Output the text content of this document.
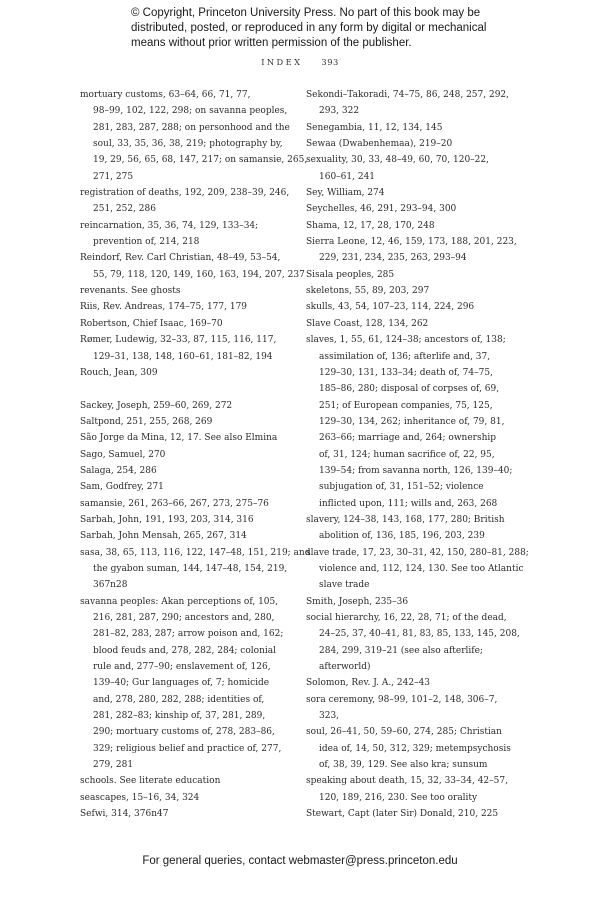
© Copyright, Princeton University Press. No part of this book may be
distributed, posted, or reproduced in any form by digital or mechanical
means without prior written permission of the publisher.
INDEX 393
mortuary customs, 63–64, 66, 71, 77,
98–99, 102, 122, 298; on savanna peoples,
281, 283, 287, 288; on personhood and the
soul, 33, 35, 36, 38, 219; photography by,
19, 29, 56, 65, 68, 147, 217; on samansie, 265,
271, 275
registration of deaths, 192, 209, 238–39, 246,
251, 252, 286
reincarnation, 35, 36, 74, 129, 133–34;
prevention of, 214, 218
Reindorf, Rev. Carl Christian, 48–49, 53–54,
55, 79, 118, 120, 149, 160, 163, 194, 207, 237
revenants. See ghosts
Riis, Rev. Andreas, 174–75, 177, 179
Robertson, Chief Isaac, 169–70
Rømer, Ludewig, 32–33, 87, 115, 116, 117,
129–31, 138, 148, 160–61, 181–82, 194
Rouch, Jean, 309
Sackey, Joseph, 259–60, 269, 272
Saltpond, 251, 255, 268, 269
São Jorge da Mina, 12, 17. See also Elmina
Sago, Samuel, 270
Salaga, 254, 286
Sam, Godfrey, 271
samansie, 261, 263–66, 267, 273, 275–76
Sarbah, John, 191, 193, 203, 314, 316
Sarbah, John Mensah, 265, 267, 314
sasa, 38, 65, 113, 116, 122, 147–48, 151, 219; and
the gyabon suman, 144, 147–48, 154, 219,
367n28
savanna peoples: Akan perceptions of, 105,
216, 281, 287, 290; ancestors and, 280,
281–82, 283, 287; arrow poison and, 162;
blood feuds and, 278, 282, 284; colonial
rule and, 277–90; enslavement of, 126,
139–40; Gur languages of, 7; homicide
and, 278, 280, 282, 288; identities of,
281, 282–83; kinship of, 37, 281, 289,
290; mortuary customs of, 278, 283–86,
329; religious belief and practice of, 277,
279, 281
schools. See literate education
seascapes, 15–16, 34, 324
Sefwi, 314, 376n47
Sekondi–Takoradi, 74–75, 86, 248, 257, 292,
293, 322
Senegambia, 11, 12, 134, 145
Sewaa (Dwabenhemaa), 219–20
sexuality, 30, 33, 48–49, 60, 70, 120–22,
160–61, 241
Sey, William, 274
Seychelles, 46, 291, 293–94, 300
Shama, 12, 17, 28, 170, 248
Sierra Leone, 12, 46, 159, 173, 188, 201, 223,
229, 231, 234, 235, 263, 293–94
Sisala peoples, 285
skeletons, 55, 89, 203, 297
skulls, 43, 54, 107–23, 114, 224, 296
Slave Coast, 128, 134, 262
slaves, 1, 55, 61, 124–38; ancestors of, 138;
assimilation of, 136; afterlife and, 37,
129–30, 131, 133–34; death of, 74–75,
185–86, 280; disposal of corpses of, 69,
251; of European companies, 75, 125,
129–30, 134, 262; inheritance of, 79, 81,
263–66; marriage and, 264; ownership
of, 31, 124; human sacrifice of, 22, 95,
139–54; from savanna north, 126, 139–40;
subjugation of, 31, 151–52; violence
inflicted upon, 111; wills and, 263, 268
slavery, 124–38, 143, 168, 177, 280; British
abolition of, 136, 185, 196, 203, 239
slave trade, 17, 23, 30–31, 42, 150, 280–81, 288;
violence and, 112, 124, 130. See too Atlantic
slave trade
Smith, Joseph, 235–36
social hierarchy, 16, 22, 28, 71; of the dead,
24–25, 37, 40–41, 81, 83, 85, 133, 145, 208,
284, 299, 319–21 (see also afterlife;
afterworld)
Solomon, Rev. J. A., 242–43
sora ceremony, 98–99, 101–2, 148, 306–7,
323,
soul, 26–41, 50, 59–60, 274, 285; Christian
idea of, 14, 50, 312, 329; metempsychosis
of, 38, 39, 129. See also kra; sunsum
speaking about death, 15, 32, 33–34, 42–57,
120, 189, 216, 230. See too orality
Stewart, Capt (later Sir) Donald, 210, 225
For general queries, contact webmaster@press.princeton.edu
